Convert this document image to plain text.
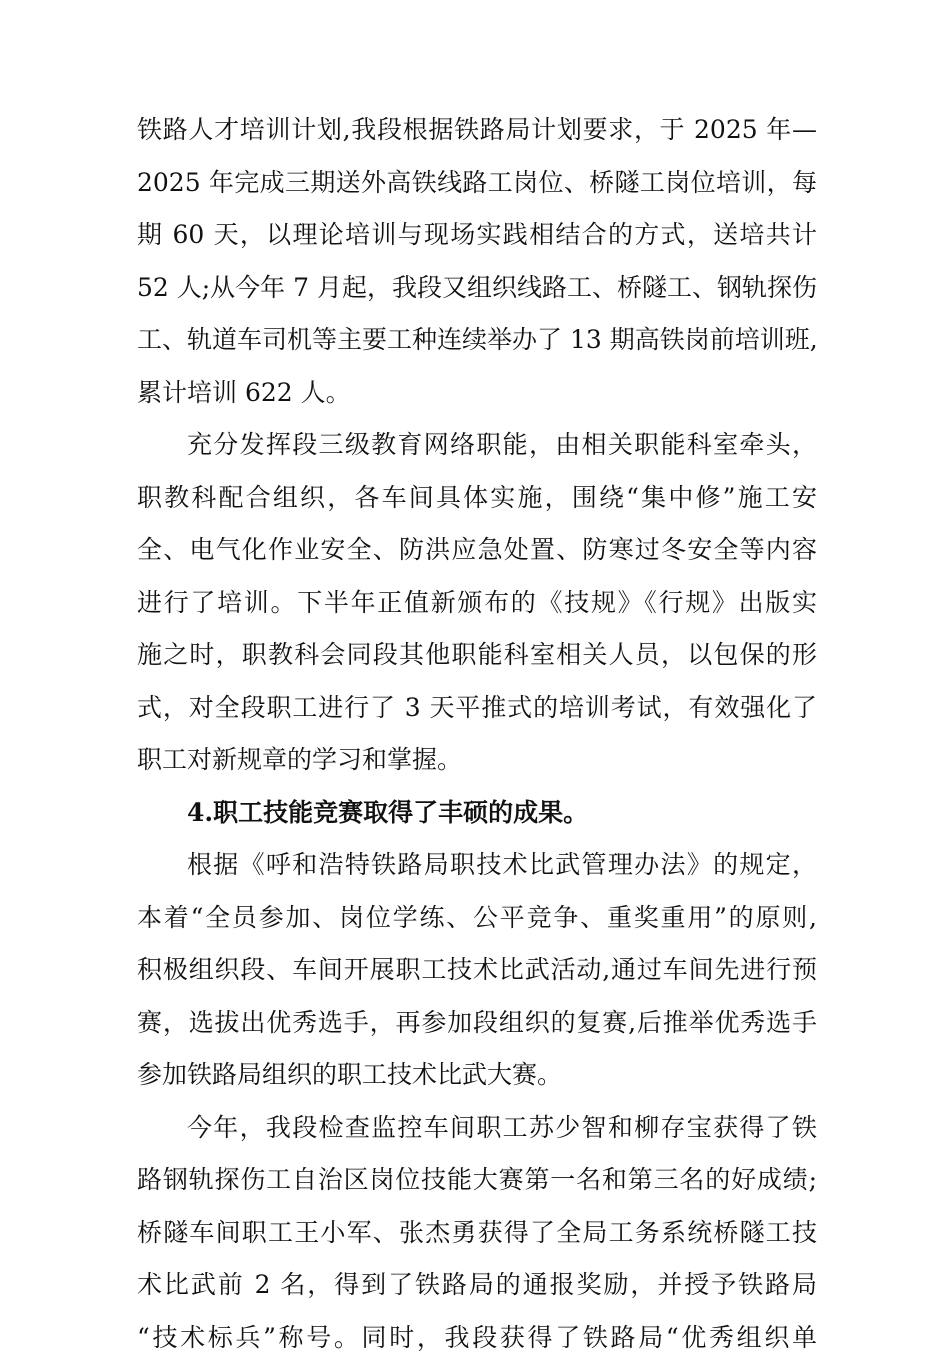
铁路人才培训计划,我段根据铁路局计划要求，于 2025 年—
2025 年完成三期送外高铁线路工岗位、桥隧工岗位培训，每
期 60 天，以理论培训与现场实践相结合的方式，送培共计
52 人;从今年 7 月起，我段又组织线路工、桥隧工、钢轨探伤
工、轨道车司机等主要工种连续举办了 13 期高铁岗前培训班,
累计培训 622 人。
充分发挥段三级教育网络职能，由相关职能科室牵头，
职教科配合组织，各车间具体实施，围绕“集中修”施工安
全、电气化作业安全、防洪应急处置、防寒过冬安全等内容
进行了培训。下半年正值新颁布的《技规》《行规》出版实
施之时，职教科会同段其他职能科室相关人员，以包保的形
式，对全段职工进行了 3 天平推式的培训考试，有效强化了
职工对新规章的学习和掌握。
4.职工技能竞赛取得了丰硕的成果。
根据《呼和浩特铁路局职技术比武管理办法》的规定，
本着“全员参加、岗位学练、公平竞争、重奖重用”的原则,
积极组织段、车间开展职工技术比武活动,通过车间先进行预
赛，选拔出优秀选手，再参加段组织的复赛,后推举优秀选手
参加铁路局组织的职工技术比武大赛。
今年，我段检查监控车间职工苏少智和柳存宝获得了铁
路钢轨探伤工自治区岗位技能大赛第一名和第三名的好成绩;
桥隧车间职工王小军、张杰勇获得了全局工务系统桥隧工技
术比武前 2 名，得到了铁路局的通报奖励，并授予铁路局
“技术标兵”称号。同时，我段获得了铁路局“优秀组织单
